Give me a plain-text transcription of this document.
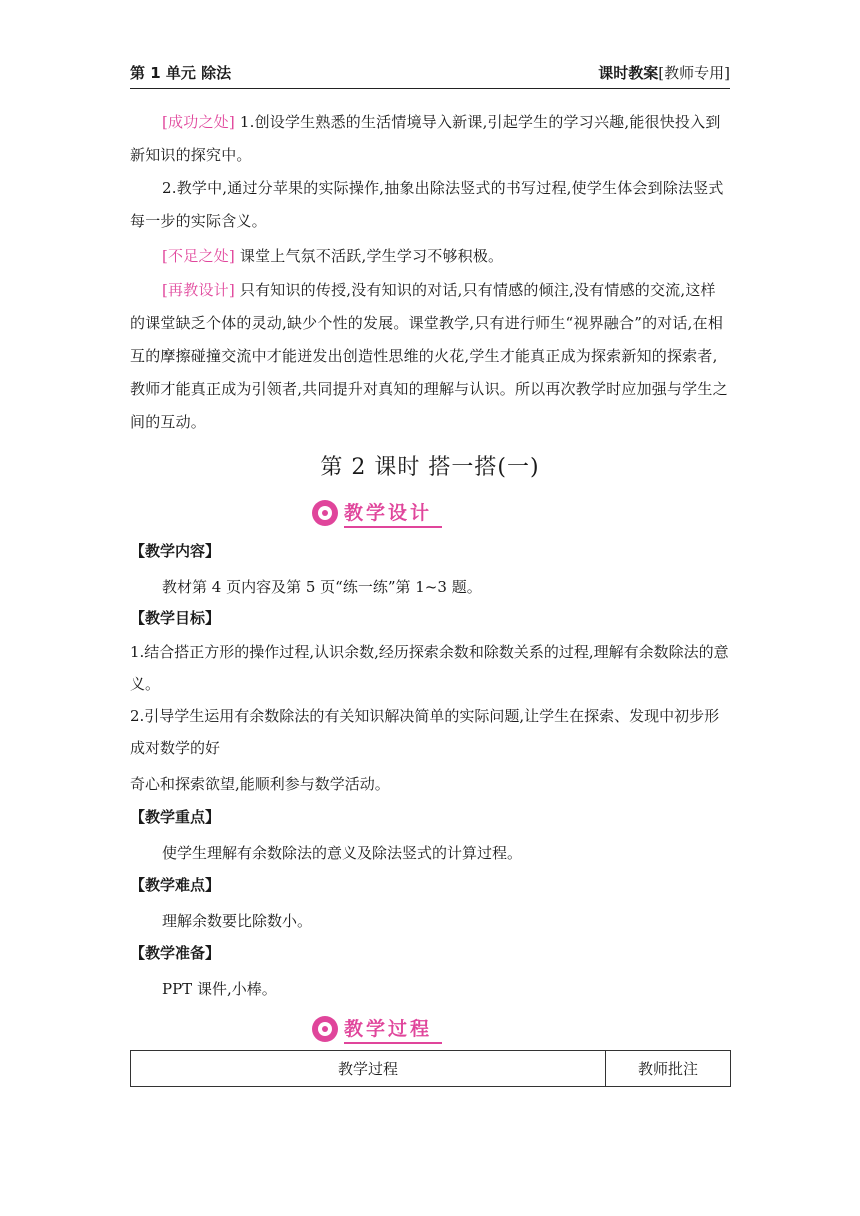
第 1 单元 除法	课时教案[教师专用]
[成功之处] 1.创设学生熟悉的生活情境导入新课,引起学生的学习兴趣,能很快投入到新知识的探究中。
2.教学中,通过分苹果的实际操作,抽象出除法竖式的书写过程,使学生体会到除法竖式每一步的实际含义。
[不足之处] 课堂上气氛不活跃,学生学习不够积极。
[再教设计] 只有知识的传授,没有知识的对话,只有情感的倾注,没有情感的交流,这样的课堂缺乏个体的灵动,缺少个性的发展。课堂教学,只有进行师生“视界融合”的对话,在相互的摩擦碰撞交流中才能迸发出创造性思维的火花,学生才能真正成为探索新知的探索者,教师才能真正成为引领者,共同提升对真知的理解与认识。所以再次教学时应加强与学生之间的互动。
第 2 课时 搭一搭(一)
教学设计
【教学内容】
教材第 4 页内容及第 5 页“练一练”第 1~3 题。
【教学目标】
1.结合搭正方形的操作过程,认识余数,经历探索余数和除数关系的过程,理解有余数除法的意义。
2.引导学生运用有余数除法的有关知识解决简单的实际问题,让学生在探索、发现中初步形成对数学的好
奇心和探索欲望,能顺利参与数学活动。
【教学重点】
使学生理解有余数除法的意义及除法竖式的计算过程。
【教学难点】
理解余数要比除数小。
【教学准备】
PPT 课件,小棒。
教学过程
教学过程	教师批注
